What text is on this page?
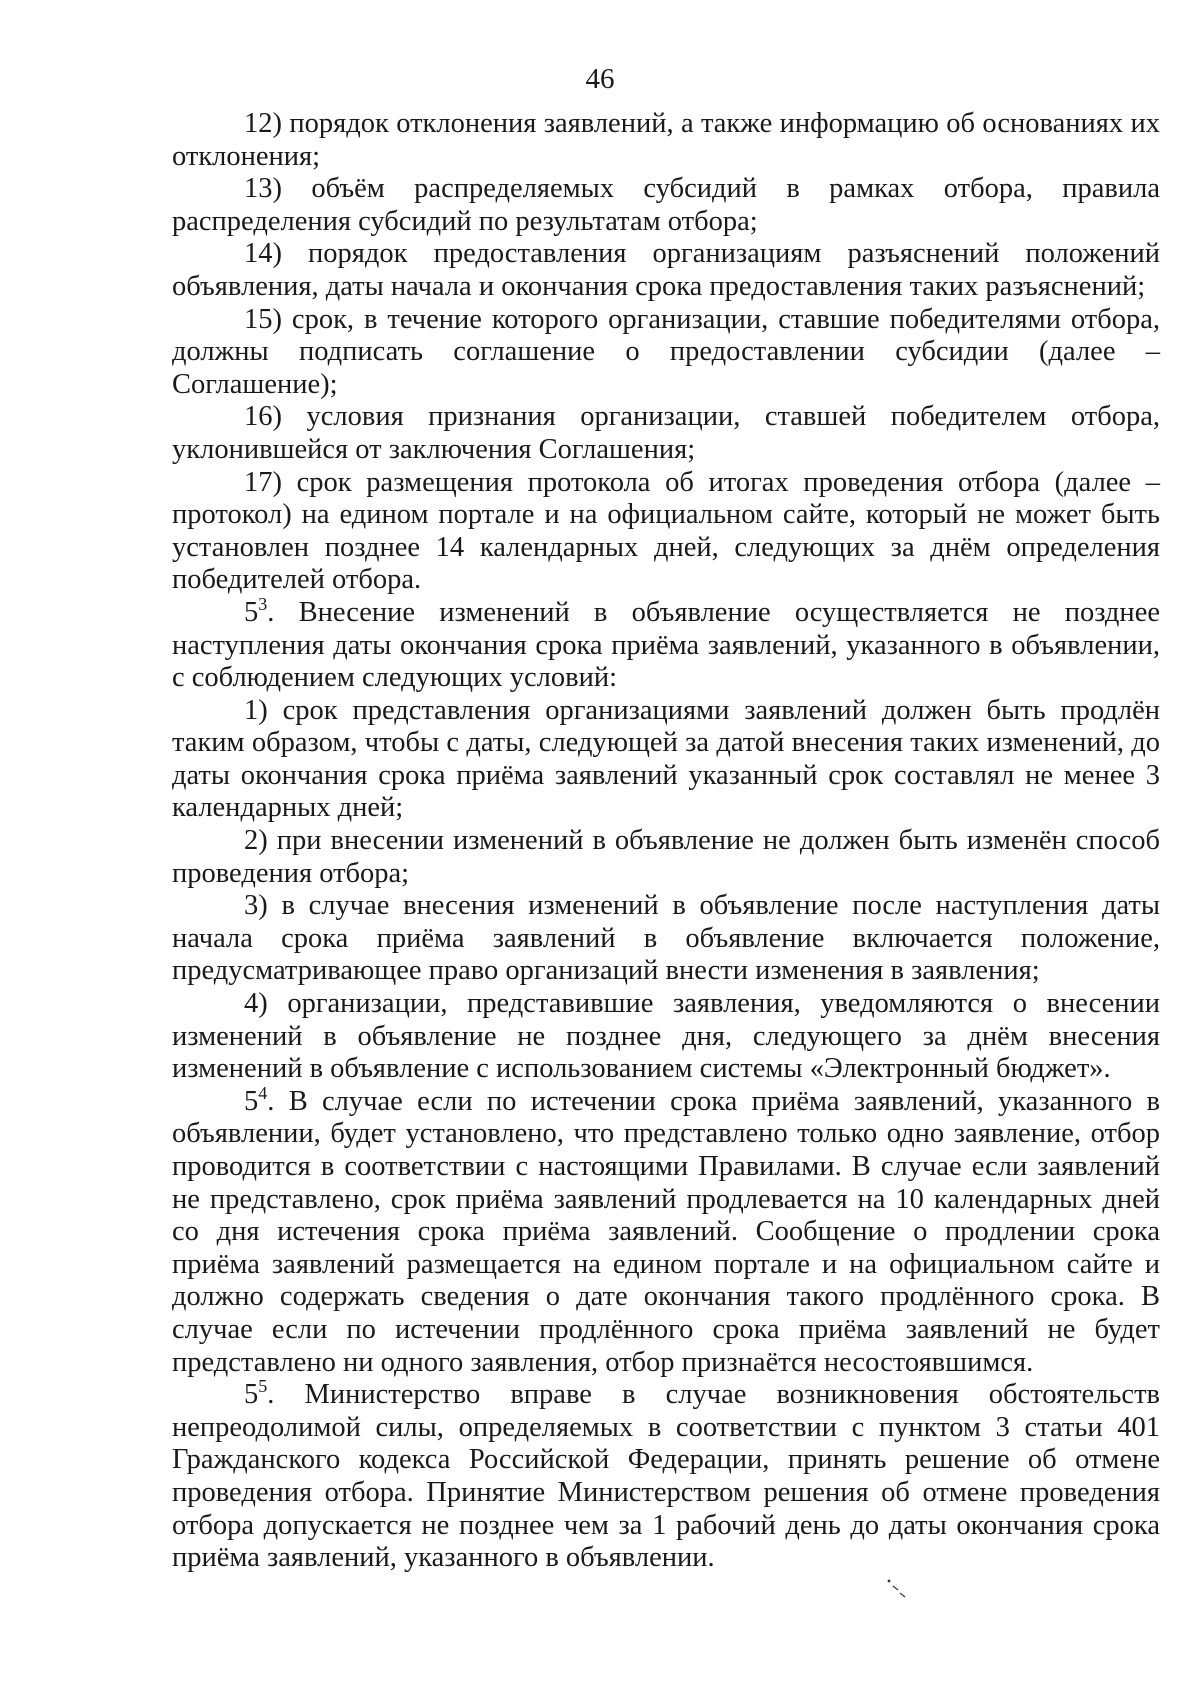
46

12) порядок отклонения заявлений, а также информацию об основаниях их отклонения;

13) объём распределяемых субсидий в рамках отбора, правила распределения субсидий по результатам отбора;

14) порядок предоставления организациям разъяснений положений объявления, даты начала и окончания срока предоставления таких разъяснений;

15) срок, в течение которого организации, ставшие победителями отбора, должны подписать соглашение о предоставлении субсидии (далее – Соглашение);

16) условия признания организации, ставшей победителем отбора, уклонившейся от заключения Соглашения;

17) срок размещения протокола об итогах проведения отбора (далее – протокол) на едином портале и на официальном сайте, который не может быть установлен позднее 14 календарных дней, следующих за днём определения победителей отбора.

$5^3$. Внесение изменений в объявление осуществляется не позднее наступления даты окончания срока приёма заявлений, указанного в объявлении, с соблюдением следующих условий:

1) срок представления организациями заявлений должен быть продлён таким образом, чтобы с даты, следующей за датой внесения таких изменений, до даты окончания срока приёма заявлений указанный срок составлял не менее 3 календарных дней;

2) при внесении изменений в объявление не должен быть изменён способ проведения отбора;

3) в случае внесения изменений в объявление после наступления даты начала срока приёма заявлений в объявление включается положение, предусматривающее право организаций внести изменения в заявления;

4) организации, представившие заявления, уведомляются о внесении изменений в объявление не позднее дня, следующего за днём внесения изменений в объявление с использованием системы «Электронный бюджет».

$5^4$. В случае если по истечении срока приёма заявлений, указанного в объявлении, будет установлено, что представлено только одно заявление, отбор проводится в соответствии с настоящими Правилами. В случае если заявлений не представлено, срок приёма заявлений продлевается на 10 календарных дней со дня истечения срока приёма заявлений. Сообщение о продлении срока приёма заявлений размещается на едином портале и на официальном сайте и должно содержать сведения о дате окончания такого продлённого срока. В случае если по истечении продлённого срока приёма заявлений не будет представлено ни одного заявления, отбор признаётся несостоявшимся.

$5^5$. Министерство вправе в случае возникновения обстоятельств непреодолимой силы, определяемых в соответствии с пунктом 3 статьи 401 Гражданского кодекса Российской Федерации, принять решение об отмене проведения отбора. Принятие Министерством решения об отмене проведения отбора допускается не позднее чем за 1 рабочий день до даты окончания срока приёма заявлений, указанного в объявлении.
